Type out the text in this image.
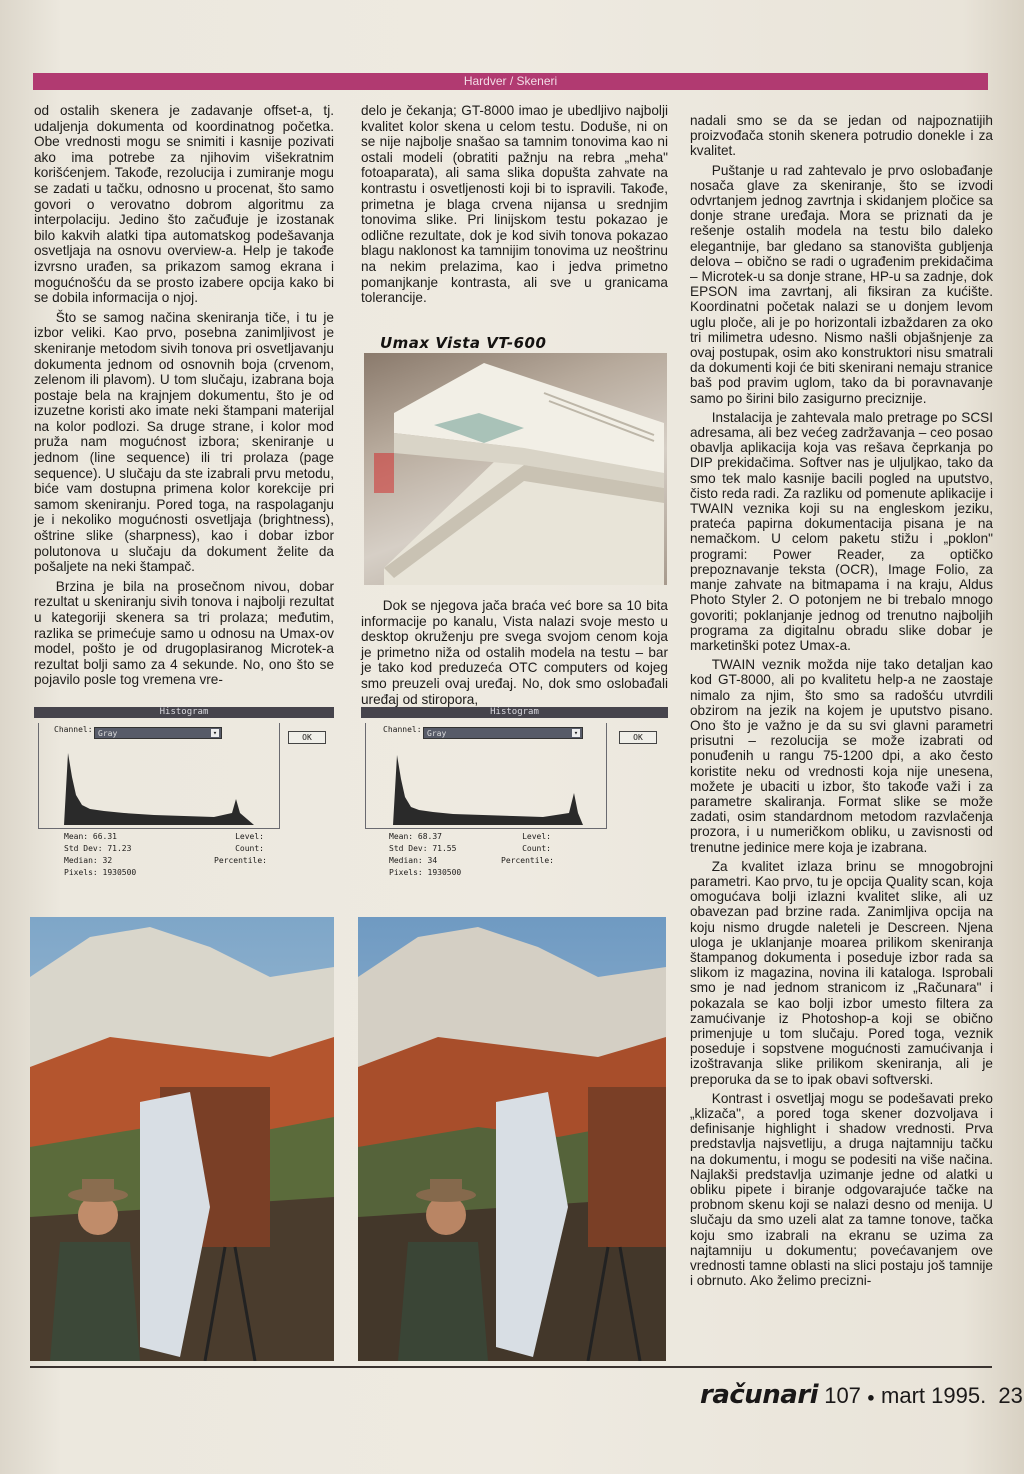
Hardver / Skeneri

od ostalih skenera je zadavanje offset-a, tj. udaljenja dokumenta od koordinatnog početka. Obe vrednosti mogu se snimiti i kasnije pozivati ako ima potrebe za njihovim višekratnim korišćenjem. Takođe, rezolucija i zumiranje mogu se zadati u tačku, odnosno u procenat, što samo govori o verovatno dobrom algoritmu za interpolaciju. Jedino što začuđuje je izostanak bilo kakvih alatki tipa automatskog podešavanja osvetljaja na osnovu overview-a. Help je takođe izvrsno urađen, sa prikazom samog ekrana i mogućnošću da se prosto izabere opcija kako bi se dobila informacija o njoj.

Što se samog načina skeniranja tiče, i tu je izbor veliki. Kao prvo, posebna zanimljivost je skeniranje metodom sivih tonova pri osvetljavanju dokumenta jednom od osnovnih boja (crvenom, zelenom ili plavom). U tom slučaju, izabrana boja postaje bela na krajnjem dokumentu, što je od izuzetne koristi ako imate neki štampani materijal na kolor podlozi. Sa druge strane, i kolor mod pruža nam mogućnost izbora; skeniranje u jednom (line sequence) ili tri prolaza (page sequence). U slučaju da ste izabrali prvu metodu, biće vam dostupna primena kolor korekcije pri samom skeniranju. Pored toga, na raspolaganju je i nekoliko mogućnosti osvetljaja (brightness), oštrine slike (sharpness), kao i dobar izbor polutonova u slučaju da dokument želite da pošaljete na neki štampač.

Brzina je bila na prosečnom nivou, dobar rezultat u skeniranju sivih tonova i najbolji rezultat u kategoriji skenera sa tri prolaza; međutim, razlika se primećuje samo u odnosu na Umax-ov model, pošto je od drugoplasiranog Microtek-a rezultat bolji samo za 4 sekunde. No, ono što se pojavilo posle tog vremena vre-

delo je čekanja; GT-8000 imao je ubedljivo najbolji kvalitet kolor skena u celom testu. Doduše, ni on se nije najbolje snašao sa tamnim tonovima kao ni ostali modeli (obratiti pažnju na rebra „meha" fotoaparata), ali sama slika dopušta zahvate na kontrastu i osvetljenosti koji bi to ispravili. Takođe, primetna je blaga crvena nijansa u srednjim tonovima slike. Pri linijskom testu pokazao je odlične rezultate, dok je kod sivih tonova pokazao blagu naklonost ka tamnijim tonovima uz neoštrinu na nekim prelazima, kao i jedva primetno pomanjkanje kontrasta, ali sve u granicama tolerancije.

Umax Vista VT-600

Dok se njegova jača braća već bore sa 10 bita informacije po kanalu, Vista nalazi svoje mesto u desktop okruženju pre svega svojom cenom koja je primetno niža od ostalih modela na testu – bar je tako kod preduzeća OTC computers od kojeg smo preuzeli ovaj uređaj. No, dok smo oslobađali uređaj od stiropora,

nadali smo se da se jedan od najpoznatijih proizvođača stonih skenera potrudio donekle i za kvalitet.

Puštanje u rad zahtevalo je prvo oslobađanje nosača glave za skeniranje, što se izvodi odvrtanjem jednog zavrtnja i skidanjem pločice sa donje strane uređaja. Mora se priznati da je rešenje ostalih modela na testu bilo daleko elegantnije, bar gledano sa stanovišta gubljenja delova – obično se radi o ugrađenim prekidačima – Microtek-u sa donje strane, HP-u sa zadnje, dok EPSON ima zavrtanj, ali fiksiran za kućište. Koordinatni početak nalazi se u donjem levom uglu ploče, ali je po horizontali izbaždaren za oko tri milimetra udesno. Nismo našli objašnjenje za ovaj postupak, osim ako konstruktori nisu smatrali da dokumenti koji će biti skenirani nemaju stranice baš pod pravim uglom, tako da bi poravnavanje samo po širini bilo zasigurno preciznije.

Instalacija je zahtevala malo pretrage po SCSI adresama, ali bez većeg zadržavanja – ceo posao obavlja aplikacija koja vas rešava čeprkanja po DIP prekidačima. Softver nas je uljuljkao, tako da smo tek malo kasnije bacili pogled na uputstvo, čisto reda radi. Za razliku od pomenute aplikacije i TWAIN veznika koji su na engleskom jeziku, prateća papirna dokumentacija pisana je na nemačkom. U celom paketu stižu i „poklon" programi: Power Reader, za optičko prepoznavanje teksta (OCR), Image Folio, za manje zahvate na bitmapama i na kraju, Aldus Photo Styler 2. O potonjem ne bi trebalo mnogo govoriti; poklanjanje jednog od trenutno najboljih programa za digitalnu obradu slike dobar je marketinški potez Umax-a.

TWAIN veznik možda nije tako detaljan kao kod GT-8000, ali po kvalitetu help-a ne zaostaje nimalo za njim, što smo sa radošću utvrdili obzirom na jezik na kojem je uputstvo pisano. Ono što je važno je da su svi glavni parametri prisutni – rezolucija se može izabrati od ponuđenih u rangu 75-1200 dpi, a ako često koristite neku od vrednosti koja nije unesena, možete je ubaciti u izbor, što takođe važi i za parametre skaliranja. Format slike se može zadati, osim standardnom metodom razvlačenja prozora, i u numeričkom obliku, u zavisnosti od trenutne jedinice mere koja je izabrana.

Za kvalitet izlaza brinu se mnogobrojni parametri. Kao prvo, tu je opcija Quality scan, koja omogućava bolji izlazni kvalitet slike, ali uz obavezan pad brzine rada. Zanimljiva opcija na koju nismo drugde naleteli je Descreen. Njena uloga je uklanjanje moarea prilikom skeniranja štampanog dokumenta i poseduje izbor rada sa slikom iz magazina, novina ili kataloga. Isprobali smo je nad jednom stranicom iz „Računara" i pokazala se kao bolji izbor umesto filtera za zamućivanje iz Photoshop-a koji se obično primenjuje u tom slučaju. Pored toga, veznik poseduje i sopstvene mogućnosti zamućivanja i izoštravanja slike prilikom skeniranja, ali je preporuka da se to ipak obavi softverski.

Kontrast i osvetljaj mogu se podešavati preko „klizača", a pored toga skener dozvoljava i definisanje highlight i shadow vrednosti. Prva predstavlja najsvetliju, a druga najtamniju tačku na dokumentu, i mogu se podesiti na više načina. Najlakši predstavlja uzimanje jedne od alatki u obliku pipete i biranje odgovarajuće tačke na probnom skenu koji se nalazi desno od menija. U slučaju da smo uzeli alat za tamne tonove, tačka koju smo izabrali na ekranu se uzima za najtamniju u dokumentu; povećavanjem ove vrednosti tamne oblasti na slici postaju još tamnije i obrnuto. Ako želimo precizni-

Histogram
Channel: Gray	▾	OK
Mean: 66.31
Std Dev: 71.23
Median: 32
Pixels: 1930500
Level:
Count:
Percentile:
Histogram
Channel: Gray	▾	OK
Mean: 68.37
Std Dev: 71.55
Median: 34
Pixels: 1930500
Level:
Count:
Percentile:
računari 107 ● mart 1995. 23
